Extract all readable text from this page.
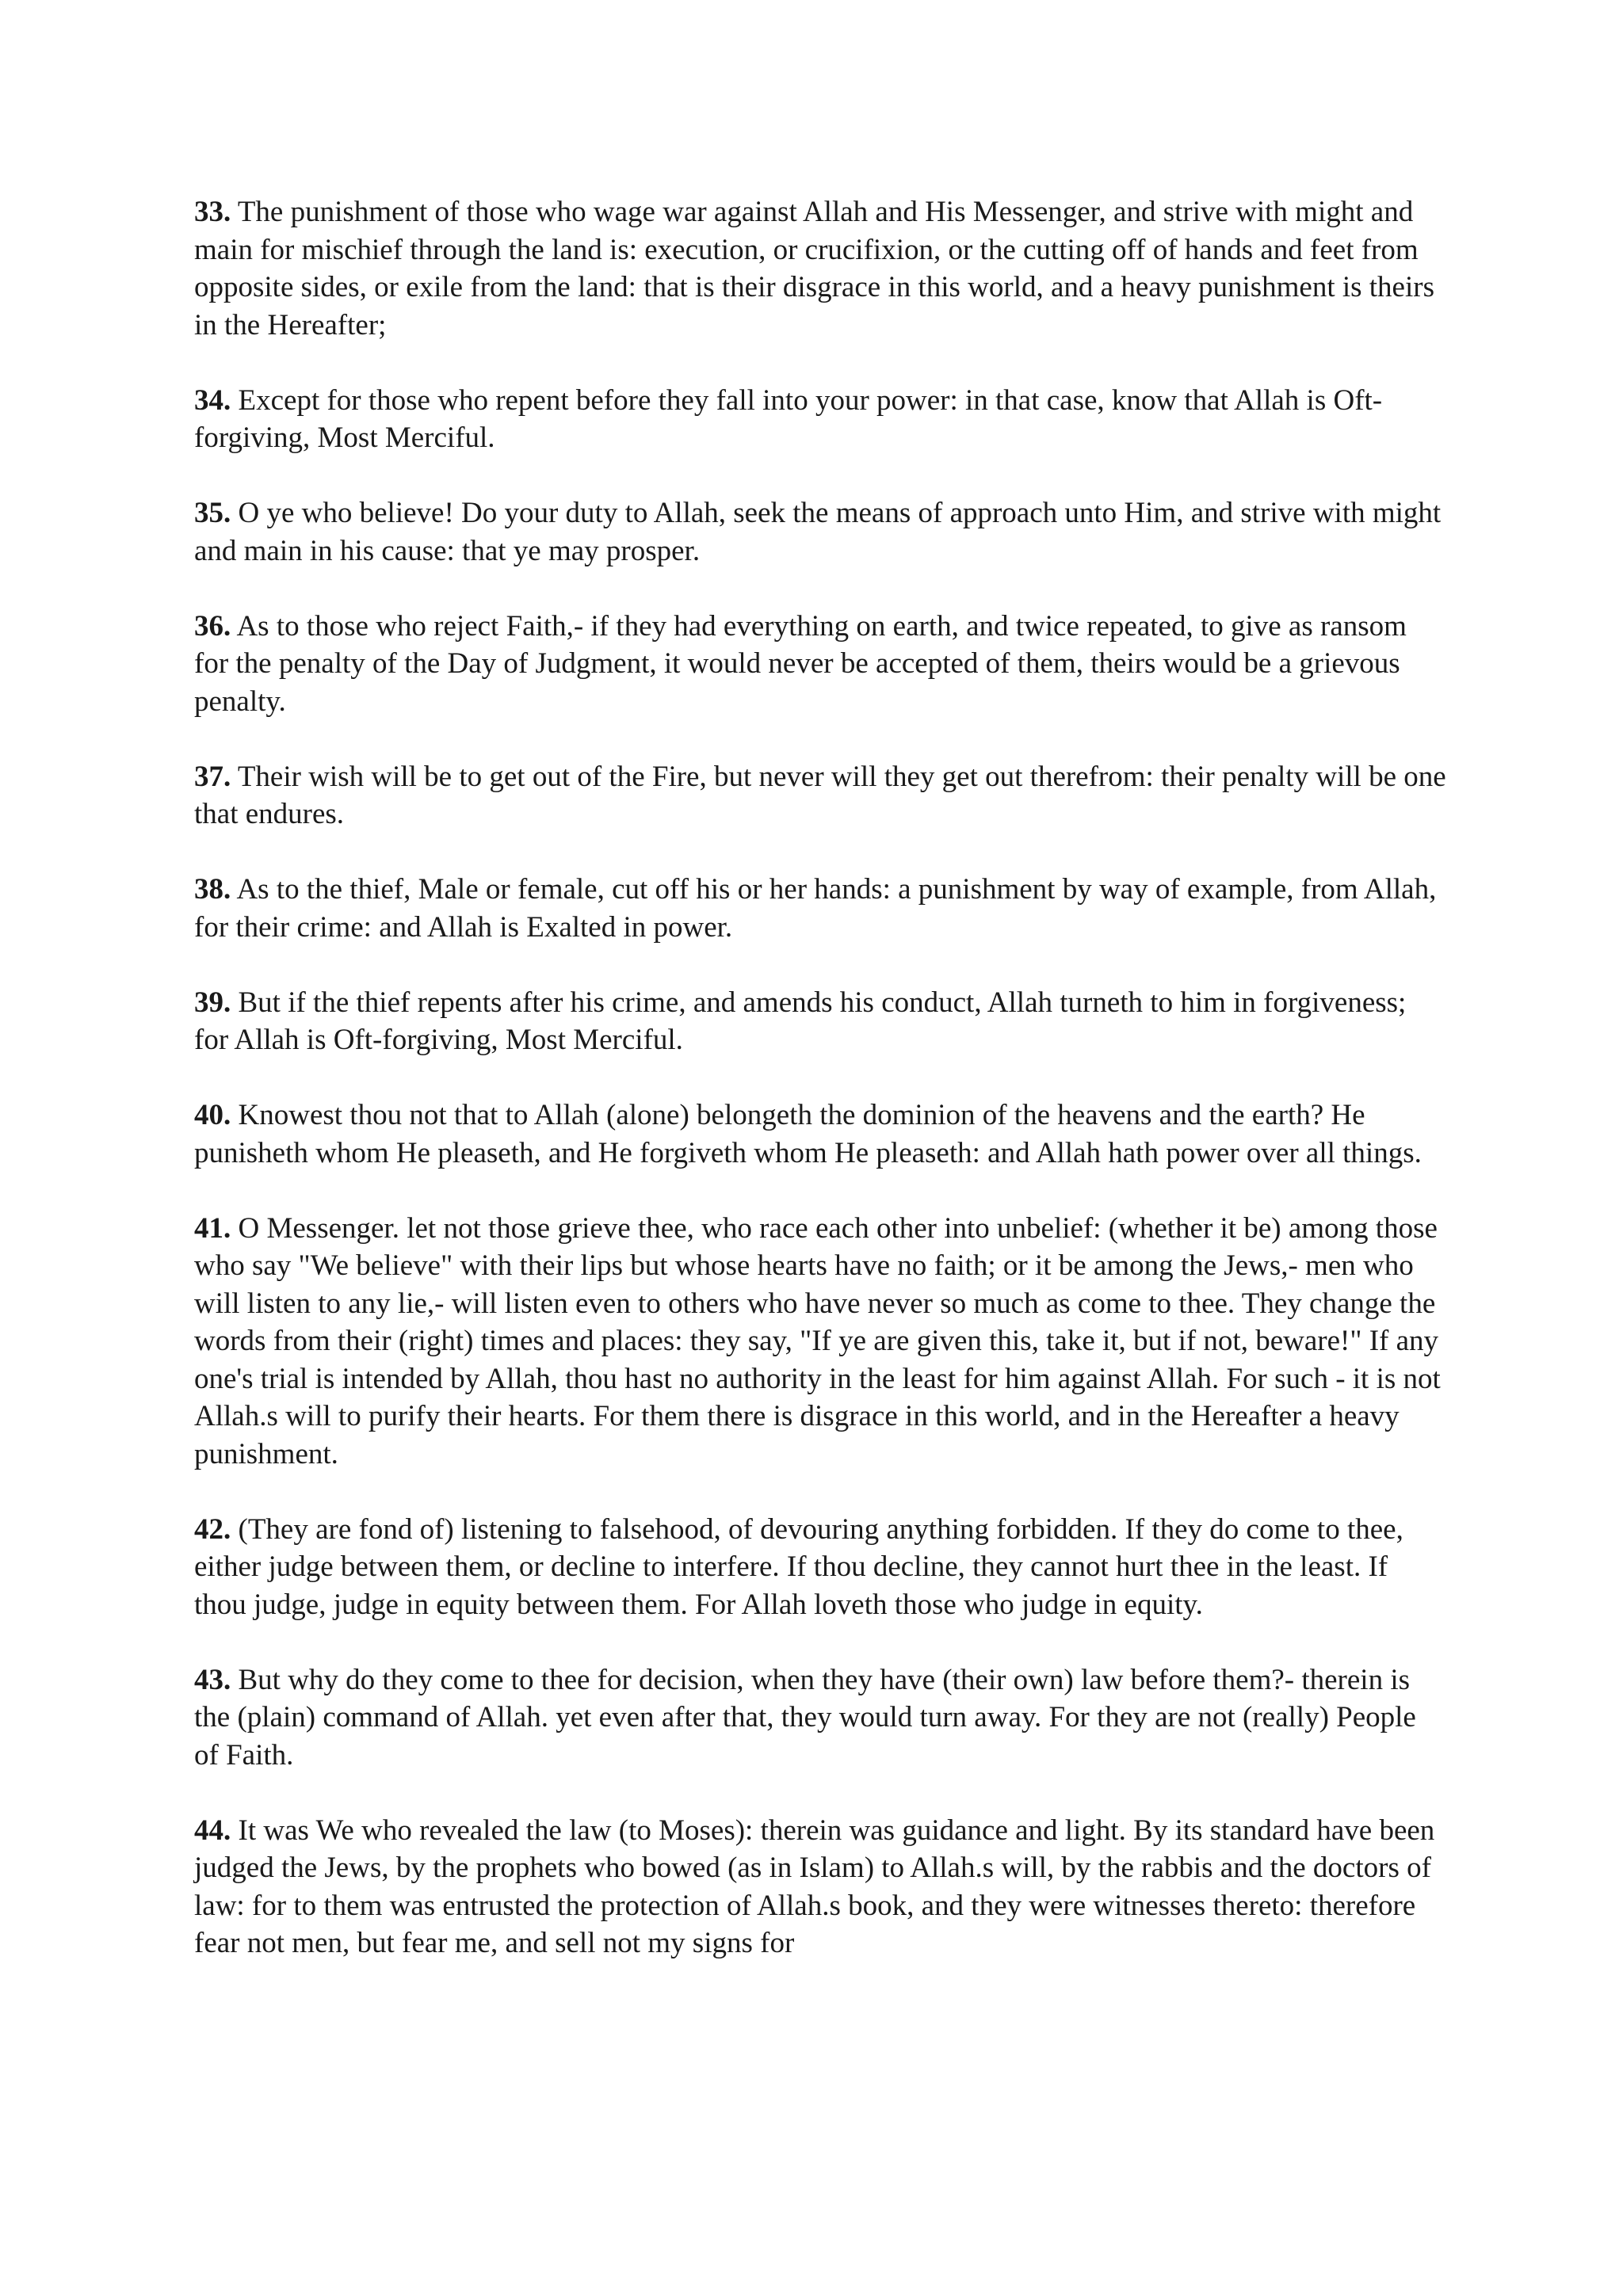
33. The punishment of those who wage war against Allah and His Messenger, and strive with might and main for mischief through the land is: execution, or crucifixion, or the cutting off of hands and feet from opposite sides, or exile from the land: that is their disgrace in this world, and a heavy punishment is theirs in the Hereafter;

34. Except for those who repent before they fall into your power: in that case, know that Allah is Oft-forgiving, Most Merciful.

35. O ye who believe! Do your duty to Allah, seek the means of approach unto Him, and strive with might and main in his cause: that ye may prosper.

36. As to those who reject Faith,- if they had everything on earth, and twice repeated, to give as ransom for the penalty of the Day of Judgment, it would never be accepted of them, theirs would be a grievous penalty.

37. Their wish will be to get out of the Fire, but never will they get out therefrom: their penalty will be one that endures.

38. As to the thief, Male or female, cut off his or her hands: a punishment by way of example, from Allah, for their crime: and Allah is Exalted in power.

39. But if the thief repents after his crime, and amends his conduct, Allah turneth to him in forgiveness; for Allah is Oft-forgiving, Most Merciful.

40. Knowest thou not that to Allah (alone) belongeth the dominion of the heavens and the earth? He punisheth whom He pleaseth, and He forgiveth whom He pleaseth: and Allah hath power over all things.

41. O Messenger. let not those grieve thee, who race each other into unbelief: (whether it be) among those who say "We believe" with their lips but whose hearts have no faith; or it be among the Jews,- men who will listen to any lie,- will listen even to others who have never so much as come to thee. They change the words from their (right) times and places: they say, "If ye are given this, take it, but if not, beware!" If any one's trial is intended by Allah, thou hast no authority in the least for him against Allah. For such - it is not Allah.s will to purify their hearts. For them there is disgrace in this world, and in the Hereafter a heavy punishment.

42. (They are fond of) listening to falsehood, of devouring anything forbidden. If they do come to thee, either judge between them, or decline to interfere. If thou decline, they cannot hurt thee in the least. If thou judge, judge in equity between them. For Allah loveth those who judge in equity.

43. But why do they come to thee for decision, when they have (their own) law before them?- therein is the (plain) command of Allah. yet even after that, they would turn away. For they are not (really) People of Faith.

44. It was We who revealed the law (to Moses): therein was guidance and light. By its standard have been judged the Jews, by the prophets who bowed (as in Islam) to Allah.s will, by the rabbis and the doctors of law: for to them was entrusted the protection of Allah.s book, and they were witnesses thereto: therefore fear not men, but fear me, and sell not my signs for
